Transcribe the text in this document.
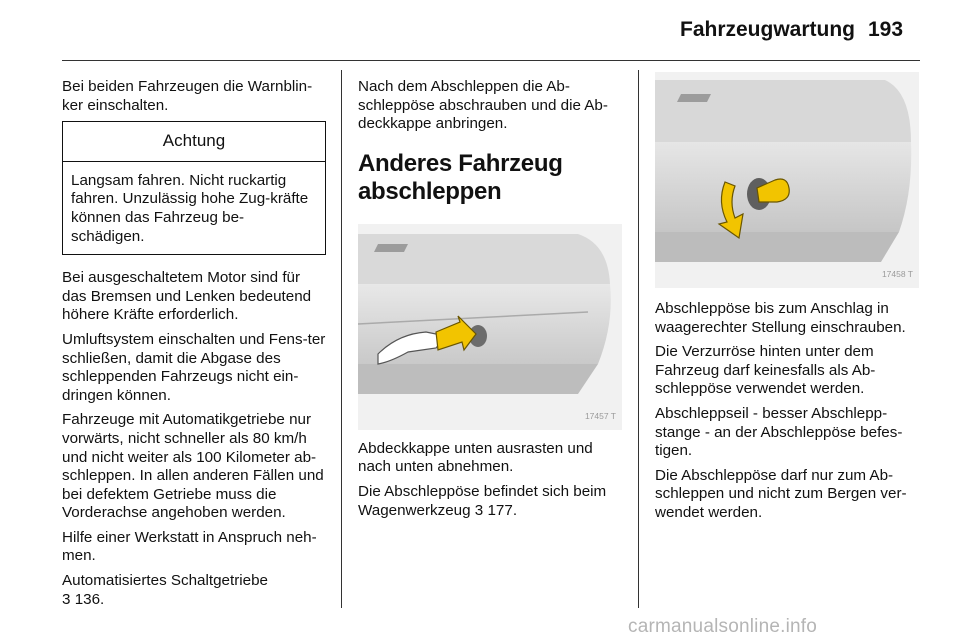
Fahrzeugwartung 193

Bei beiden Fahrzeugen die Warnblin-ker einschalten.

Achtung
Langsam fahren. Nicht ruckartig fahren. Unzulässig hohe Zug-kräfte können das Fahrzeug be-schädigen.

Bei ausgeschaltetem Motor sind für das Bremsen und Lenken bedeutend höhere Kräfte erforderlich.

Umluftsystem einschalten und Fens-ter schließen, damit die Abgase des schleppenden Fahrzeugs nicht ein-dringen können.

Fahrzeuge mit Automatikgetriebe nur vorwärts, nicht schneller als 80 km/h und nicht weiter als 100 Kilometer ab-schleppen. In allen anderen Fällen und bei defektem Getriebe muss die Vorderachse angehoben werden.

Hilfe einer Werkstatt in Anspruch neh-men.

Automatisiertes Schaltgetriebe
3 136.

Nach dem Abschleppen die Ab-schleppöse abschrauben und die Ab-deckkappe anbringen.

Anderes Fahrzeug abschleppen
17457 T

Abdeckkappe unten ausrasten und nach unten abnehmen.

Die Abschleppöse befindet sich beim Wagenwerkzeug 3 177.

17458 T

Abschleppöse bis zum Anschlag in waagerechter Stellung einschrauben.

Die Verzurröse hinten unter dem Fahrzeug darf keinesfalls als Ab-schleppöse verwendet werden.

Abschleppseil - besser Abschlepp-stange - an der Abschleppöse befes-tigen.

Die Abschleppöse darf nur zum Ab-schleppen und nicht zum Bergen ver-wendet werden.

carmanualsonline.info
